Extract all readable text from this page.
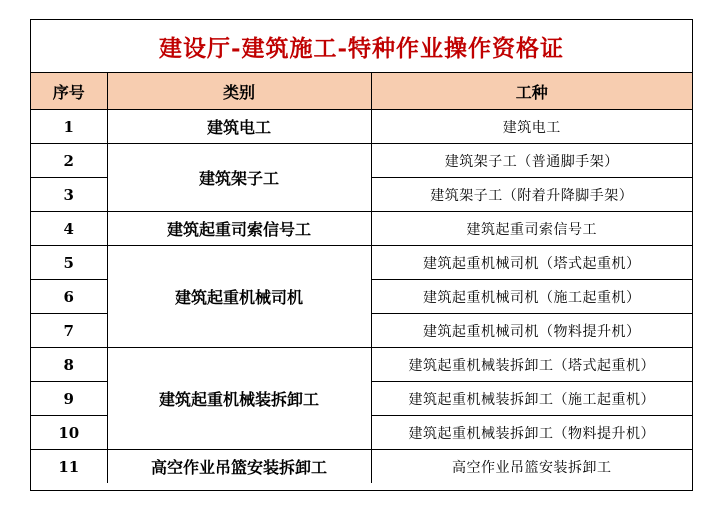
建设厅-建筑施工-特种作业操作资格证
序号	类别	工种
1	建筑电工	建筑电工
2	建筑架子工	建筑架子工（普通脚手架）
3		建筑架子工（附着升降脚手架）
4	建筑起重司索信号工	建筑起重司索信号工
5	建筑起重机械司机	建筑起重机械司机（塔式起重机）
6		建筑起重机械司机（施工起重机）
7		建筑起重机械司机（物料提升机）
8	建筑起重机械装拆卸工	建筑起重机械装拆卸工（塔式起重机）
9		建筑起重机械装拆卸工（施工起重机）
10		建筑起重机械装拆卸工（物料提升机）
11	高空作业吊篮安装拆卸工	高空作业吊篮安装拆卸工
